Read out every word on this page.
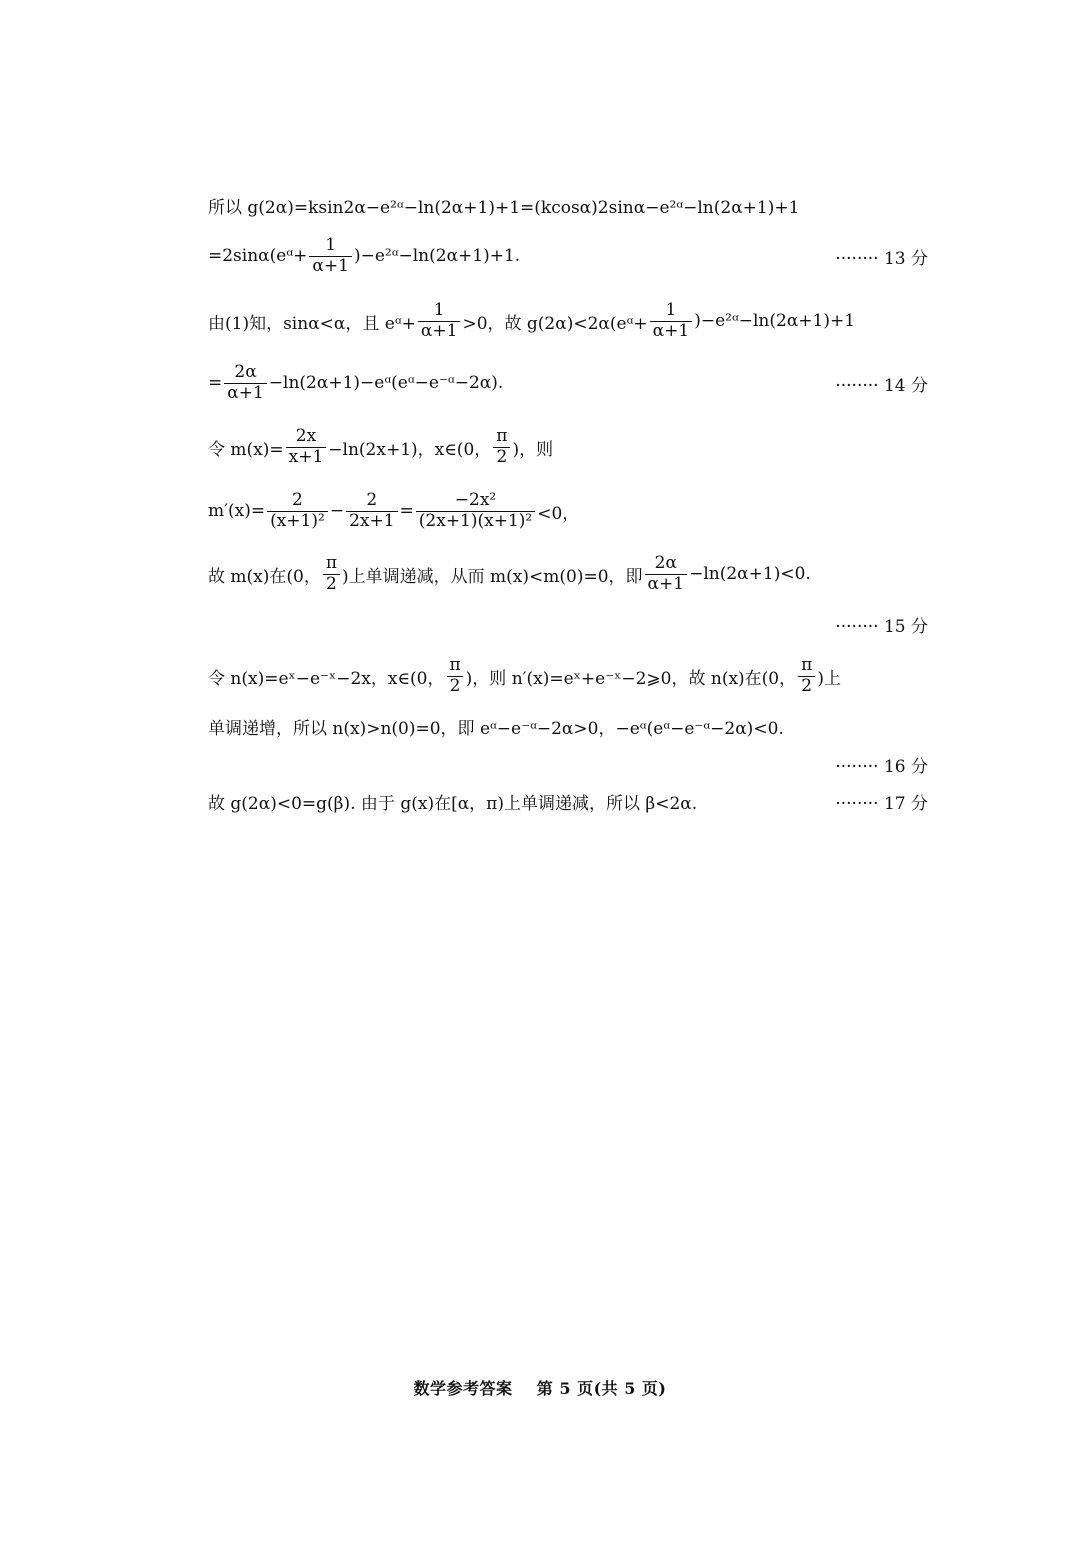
所以 g(2α)=ksin2α−e²ᵅ−ln(2α+1)+1=(kcosα)2sinα−e²ᵅ−ln(2α+1)+1
=2sinα(eᵅ+ $\frac{1}{\alpha+1}$ )−e²ᵅ−ln(2α+1)+1.	········ 13 分
由(1)知，sinα<α，且 eᵅ+ $\frac{1}{\alpha+1} >0$，故 g(2α)<2α(eᵅ+ $\frac{1}{\alpha+1}$ )−e²ᵅ−ln(2α+1)+1
= $\frac{2\alpha}{\alpha+1}$ −ln(2α+1)−eᵅ(eᵅ−e⁻ᵅ−2α).	········ 14 分
令 $m(x)= \frac{2x}{x+1} -\ln(2x+1)$，x∈(0， $\frac{\pi}{2}$ )，则
$m'(x)= \frac{2}{\text{(x+1)²}} - \frac{2}{2x+1} = \frac{\text{−2x²}}{\text{(2x+1)(x+1)²}} <0$，
故 m(x)在(0， $\frac{\pi}{2}$ )上单调递减，从而 m(x)<m(0)=0，即 $\frac{2\alpha}{\alpha+1} -\ln(2\alpha+1)<0$.
········ 15 分
令 n(x)=eˣ−e⁻ˣ−2x，x∈(0， $\frac{\pi}{2}$ )，则 n′(x)=eˣ+e⁻ˣ−2⩾0，故 n(x)在(0， $\frac{\pi}{2}$ )上
单调递增，所以 n(x)>n(0)=0，即 eᵅ−e⁻ᵅ−2α>0，−eᵅ(eᵅ−e⁻ᵅ−2α)<0.
········ 16 分
故 g(2α)<0=g(β). 由于 g(x)在[α，π)上单调递减，所以 β<2α.	········ 17 分
数学参考答案 第 5 页(共 5 页)
